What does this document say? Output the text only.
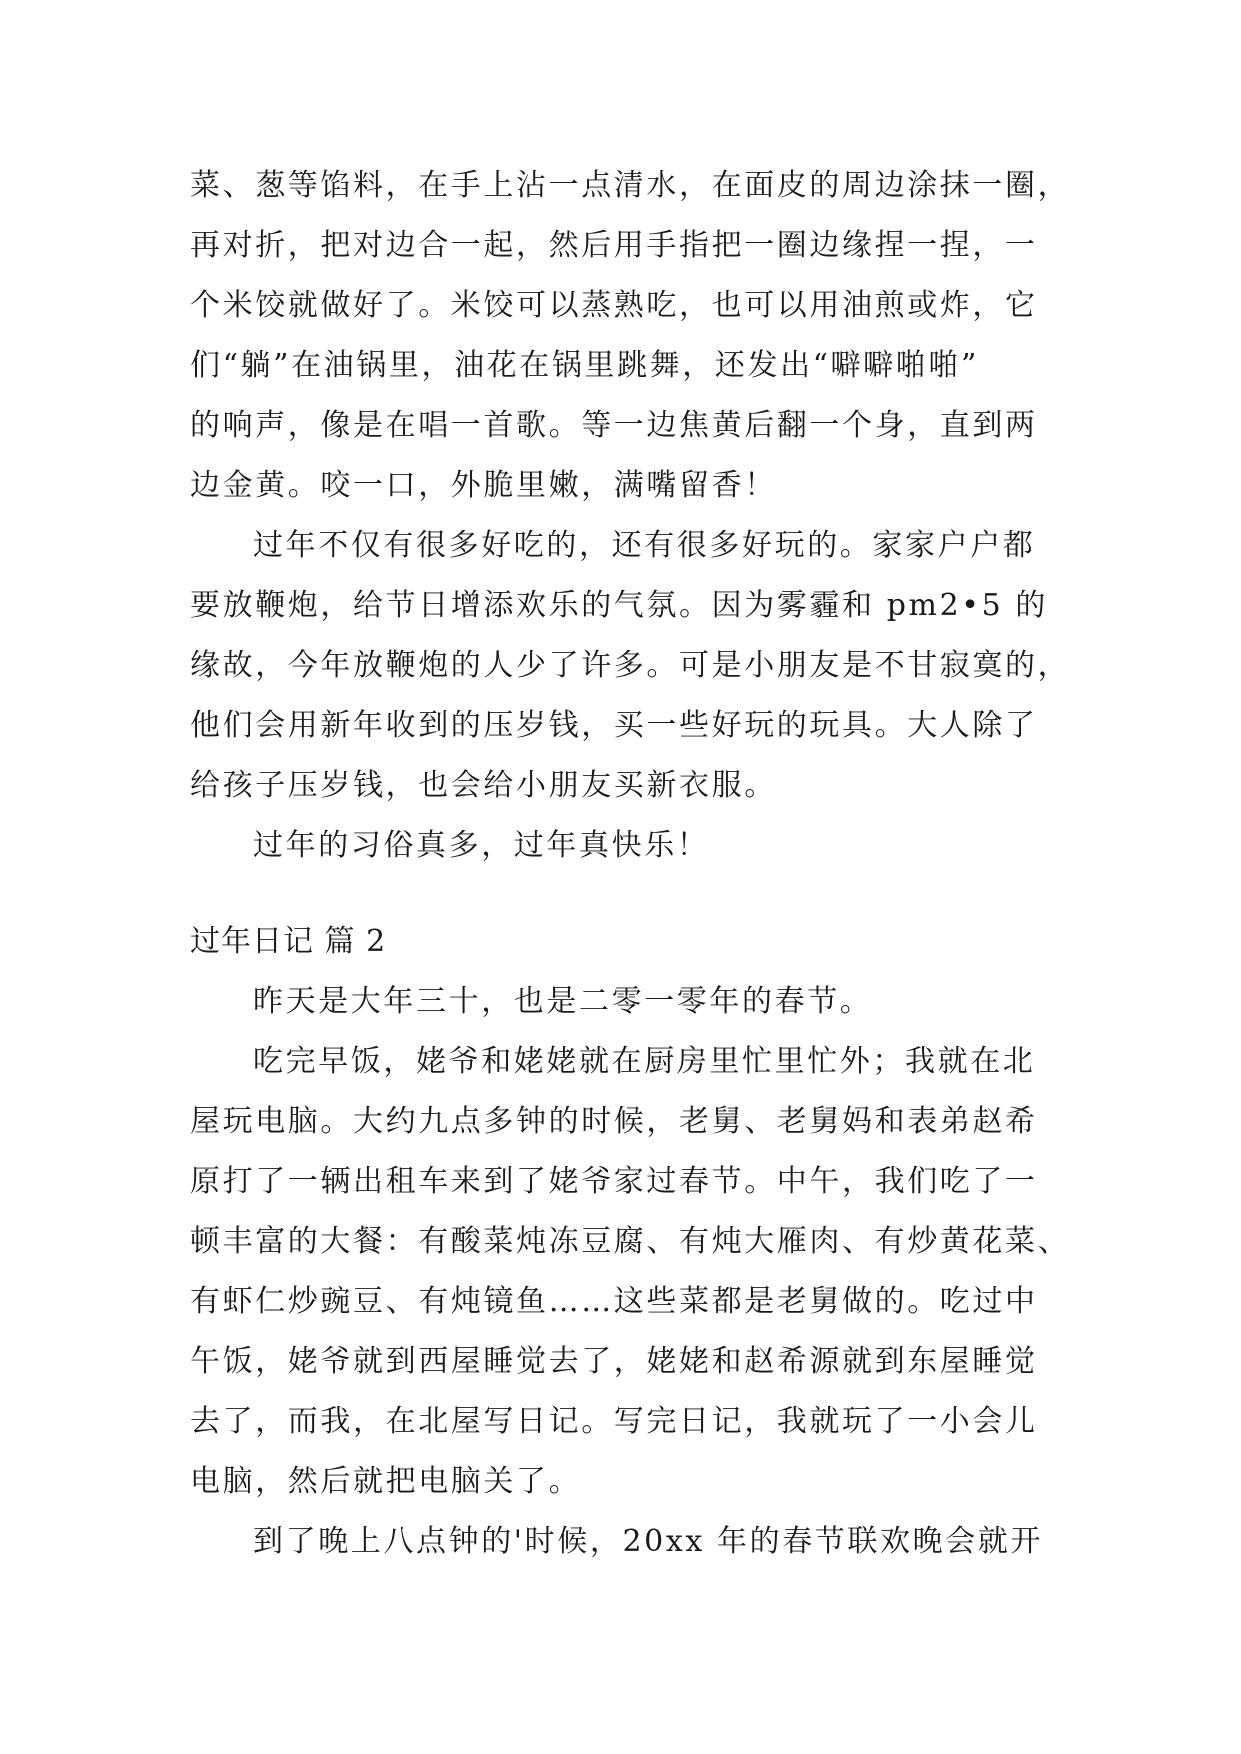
菜、葱等馅料，在手上沾一点清水，在面皮的周边涂抹一圈，
再对折，把对边合一起，然后用手指把一圈边缘捏一捏，一
个米饺就做好了。米饺可以蒸熟吃，也可以用油煎或炸，它
们“躺”在油锅里，油花在锅里跳舞，还发出“噼噼啪啪”
的响声，像是在唱一首歌。等一边焦黄后翻一个身，直到两
边金黄。咬一口，外脆里嫩，满嘴留香！
过年不仅有很多好吃的，还有很多好玩的。家家户户都
要放鞭炮，给节日增添欢乐的气氛。因为雾霾和 pm2•5 的
缘故，今年放鞭炮的人少了许多。可是小朋友是不甘寂寞的，
他们会用新年收到的压岁钱，买一些好玩的玩具。大人除了
给孩子压岁钱，也会给小朋友买新衣服。
过年的习俗真多，过年真快乐！
过年日记 篇 2
昨天是大年三十，也是二零一零年的春节。
吃完早饭，姥爷和姥姥就在厨房里忙里忙外；我就在北
屋玩电脑。大约九点多钟的时候，老舅、老舅妈和表弟赵希
原打了一辆出租车来到了姥爷家过春节。中午，我们吃了一
顿丰富的大餐：有酸菜炖冻豆腐、有炖大雁肉、有炒黄花菜、
有虾仁炒豌豆、有炖镜鱼……这些菜都是老舅做的。吃过中
午饭，姥爷就到西屋睡觉去了，姥姥和赵希源就到东屋睡觉
去了，而我，在北屋写日记。写完日记，我就玩了一小会儿
电脑，然后就把电脑关了。
到了晚上八点钟的'时候，20xx 年的春节联欢晚会就开
